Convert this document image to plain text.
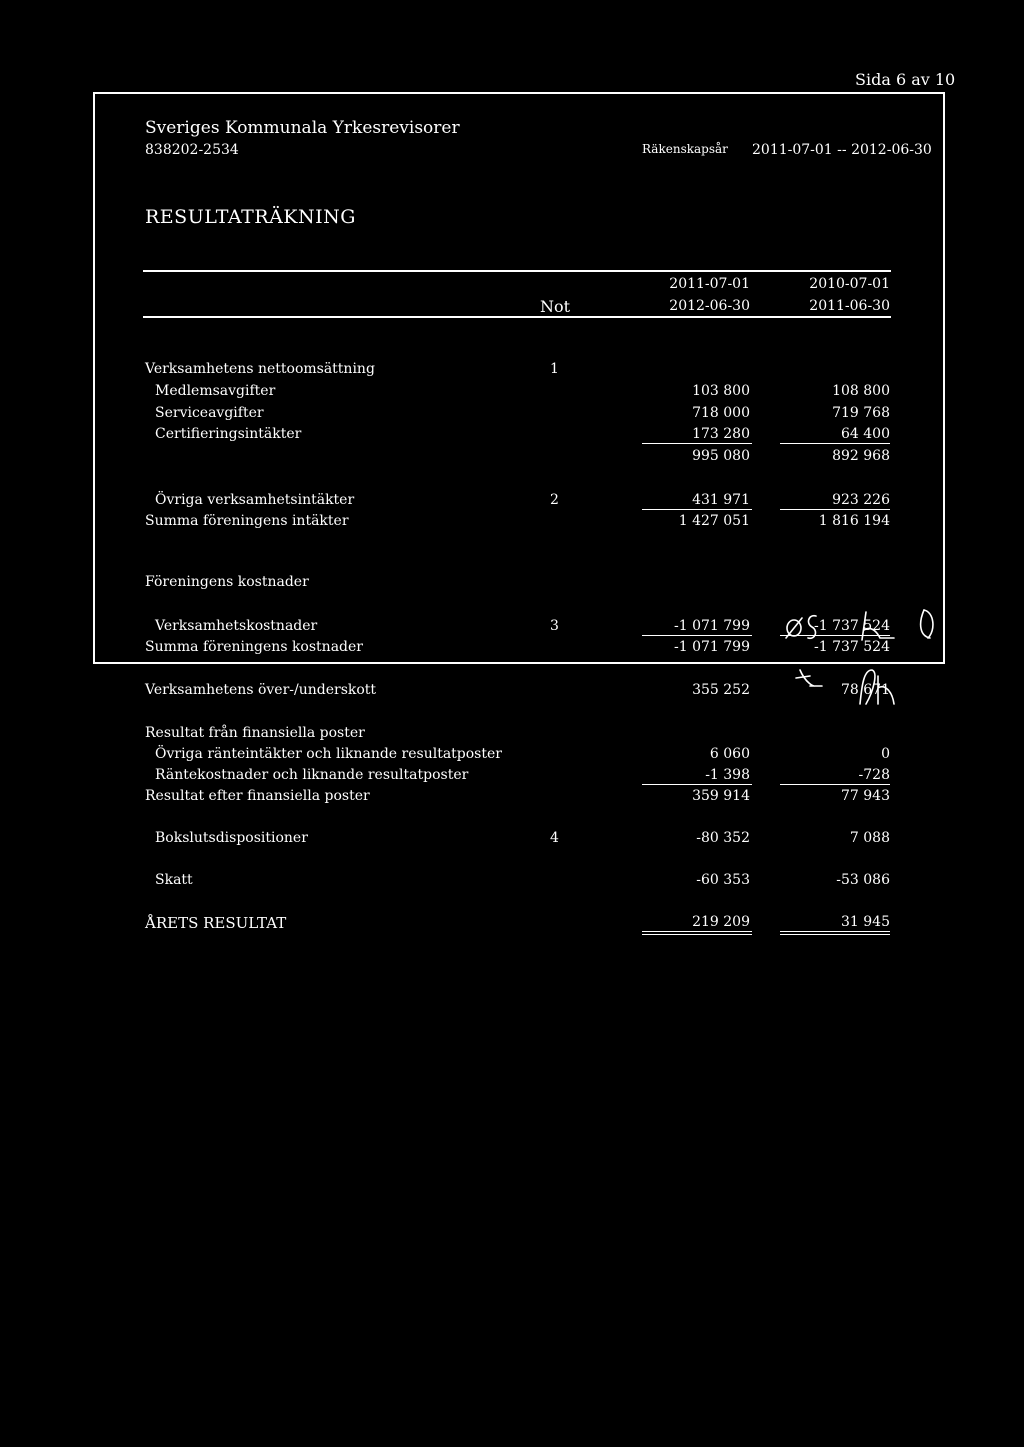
Sida 6 av 10
Sveriges Kommunala Yrkesrevisorer
838202-2534	Räkenskapsår 2011-07-01 -- 2012-06-30
RESULTATRÄKNING
2011-07-01	2010-07-01
Not	2012-06-30	2011-06-30
Verksamhetens nettoomsättning	1
Medlemsavgifter	103 800	108 800
Serviceavgifter	718 000	719 768
Certifieringsintäkter	173 280	64 400
995 080	892 968
Övriga verksamhetsintäkter	2	431 971	923 226
Summa föreningens intäkter	1 427 051	1 816 194
Föreningens kostnader
Verksamhetskostnader	3	-1 071 799	-1 737 524
Summa föreningens kostnader	-1 071 799	-1 737 524
Verksamhetens över-/underskott	355 252	78 671
Resultat från finansiella poster
Övriga ränteintäkter och liknande resultatposter	6 060	0
Räntekostnader och liknande resultatposter	-1 398	-728
Resultat efter finansiella poster	359 914	77 943
Bokslutsdispositioner	4	-80 352	7 088
Skatt	-60 353	-53 086
ÅRETS RESULTAT	219 209	31 945
